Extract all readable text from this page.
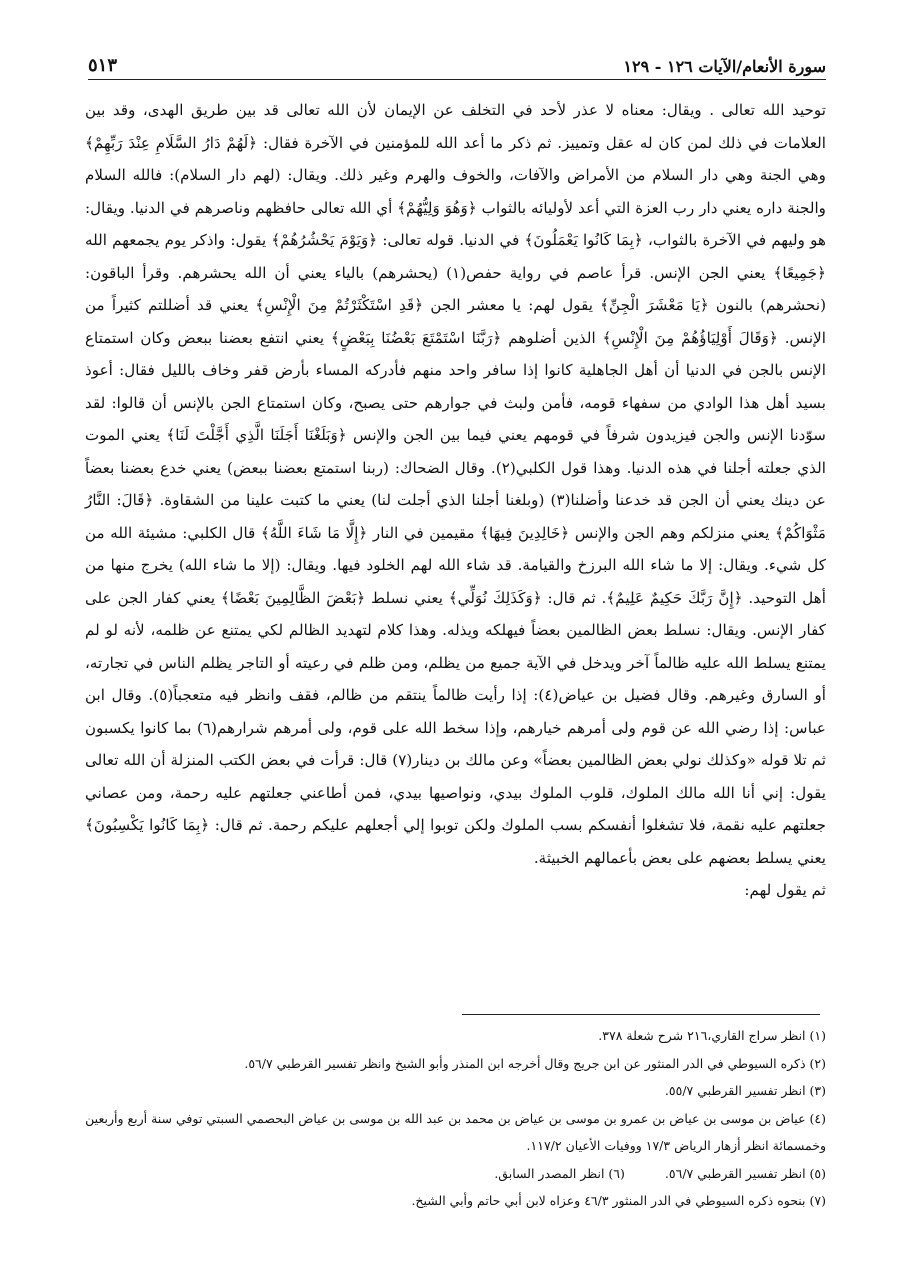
سورة الأنعام/الآيات ١٢٦ - ١٢٩
٥١٣

توحيد الله تعالى . ويقال: معناه لا عذر لأحد في التخلف عن الإيمان لأن الله تعالى قد بين طريق الهدى، وقد بين العلامات في ذلك لمن كان له عقل وتمييز. ثم ذكر ما أعد الله للمؤمنين في الآخرة فقال: ﴿لَهُمْ دَارُ السَّلَامِ عِنْدَ رَبِّهِمْ﴾ وهي الجنة وهي دار السلام من الأمراض والآفات، والخوف والهرم وغير ذلك. ويقال: (لهم دار السلام): فالله السلام والجنة داره يعني دار رب العزة التي أعد لأوليائه بالثواب ﴿وَهُوَ وَلِيُّهُمْ﴾ أي الله تعالى حافظهم وناصرهم في الدنيا. ويقال: هو وليهم في الآخرة بالثواب، ﴿بِمَا كَانُوا يَعْمَلُونَ﴾ في الدنيا. قوله تعالى: ﴿وَيَوْمَ يَحْشُرُهُمْ﴾ يقول: واذكر يوم يجمعهم الله ﴿جَمِيعًا﴾ يعني الجن الإنس. قرأ عاصم في رواية حفص(١) (يحشرهم) بالياء يعني أن الله يحشرهم. وقرأ الباقون: (نحشرهم) بالنون ﴿يَا مَعْشَرَ الْجِنِّ﴾ يقول لهم: يا معشر الجن ﴿قَدِ اسْتَكْثَرْتُمْ مِنَ الْإِنْسِ﴾ يعني قد أضللتم كثيراً من الإنس. ﴿وَقَالَ أَوْلِيَاؤُهُمْ مِنَ الْإِنْسِ﴾ الذين أضلوهم ﴿رَبَّنَا اسْتَمْتَعَ بَعْضُنَا بِبَعْضٍ﴾ يعني انتفع بعضنا ببعض وكان استمتاع الإنس بالجن في الدنيا أن أهل الجاهلية كانوا إذا سافر واحد منهم فأدركه المساء بأرض قفر وخاف بالليل فقال: أعوذ بسيد أهل هذا الوادي من سفهاء قومه، فأمن ولبث في جوارهم حتى يصبح، وكان استمتاع الجن بالإنس أن قالوا: لقد سوّدنا الإنس والجن فيزيدون شرفاً في قومهم يعني فيما بين الجن والإنس ﴿وَبَلَغْنَا أَجَلَنَا الَّذِي أَجَّلْتَ لَنَا﴾ يعني الموت الذي جعلته أجلنا في هذه الدنيا. وهذا قول الكلبي(٢). وقال الضحاك: (ربنا استمتع بعضنا ببعض) يعني خدع بعضنا بعضاً عن دينك يعني أن الجن قد خدعنا وأضلنا(٣) (وبلغنا أجلنا الذي أجلت لنا) يعني ما كتبت علينا من الشقاوة. ﴿قَالَ: النَّارُ مَثْوَاكُمْ﴾ يعني منزلكم وهم الجن والإنس ﴿خَالِدِينَ فِيهَا﴾ مقيمين في النار ﴿إِلَّا مَا شَاءَ اللَّهُ﴾ قال الكلبي: مشيئة الله من كل شيء. ويقال: إلا ما شاء الله البرزخ والقيامة. قد شاء الله لهم الخلود فيها. ويقال: (إلا ما شاء الله) يخرج منها من أهل التوحيد. ﴿إِنَّ رَبَّكَ حَكِيمٌ عَلِيمٌ﴾. ثم قال: ﴿وَكَذَلِكَ نُوَلِّي﴾ يعني نسلط ﴿بَعْضَ الظَّالِمِينَ بَعْضًا﴾ يعني كفار الجن على كفار الإنس. ويقال: نسلط بعض الظالمين بعضاً فيهلكه ويذله. وهذا كلام لتهديد الظالم لكي يمتنع عن ظلمه، لأنه لو لم يمتنع يسلط الله عليه ظالماً آخر ويدخل في الآية جميع من يظلم، ومن ظلم في رعيته أو التاجر يظلم الناس في تجارته، أو السارق وغيرهم. وقال فضيل بن عياض(٤): إذا رأيت ظالماً ينتقم من ظالم، فقف وانظر فيه متعجباً(٥). وقال ابن عباس: إذا رضي الله عن قوم ولى أمرهم خيارهم، وإذا سخط الله على قوم، ولى أمرهم شرارهم(٦) بما كانوا يكسبون ثم تلا قوله «وكذلك نولي بعض الظالمين بعضاً» وعن مالك بن دينار(٧) قال: قرأت في بعض الكتب المنزلة أن الله تعالى يقول: إني أنا الله مالك الملوك، قلوب الملوك بيدي، ونواصيها بيدي، فمن أطاعني جعلتهم عليه رحمة، ومن عصاني جعلتهم عليه نقمة، فلا تشغلوا أنفسكم بسب الملوك ولكن توبوا إلي أجعلهم عليكم رحمة. ثم قال: ﴿بِمَا كَانُوا يَكْسِبُونَ﴾ يعني يسلط بعضهم على بعض بأعمالهم الخبيثة.

ثم يقول لهم:

(١) انظر سراج القاري،٢١٦ شرح شعلة ٣٧٨.

(٢) ذكره السيوطي في الدر المنثور عن ابن جريج وقال أخرجه ابن المنذر وأبو الشيخ وانظر تفسير القرطبي ٥٦/٧.

(٣) انظر تفسير القرطبي ٥٥/٧.

(٤) عياض بن موسى بن عياض بن عمرو بن موسى بن عياض بن محمد بن عبد الله بن موسى بن عياض البحصمي السبتي توفي سنة أربع وأربعين وخمسمائة انظر أزهار الرياض ١٧/٣ ووفيات الأعيان ١١٧/٢.

(٥) انظر تفسير القرطبي ٥٦/٧.

(٦) انظر المصدر السابق.

(٧) بنحوه ذكره السيوطي في الدر المنثور ٤٦/٣ وعزاه لابن أبي حاتم وأبي الشيخ.
